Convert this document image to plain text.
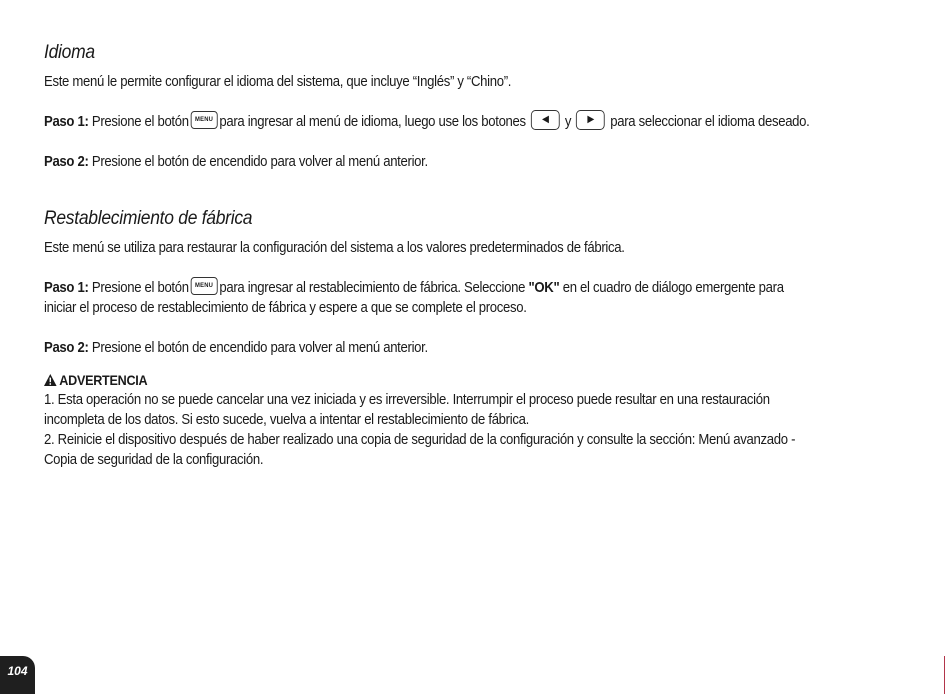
Idioma

Este menú le permite configurar el idioma del sistema, que incluye “Inglés” y “Chino”.

Paso 1: Presione el botón MENU para ingresar al menú de idioma, luego use los botones ◀ y ▶ para seleccionar el idioma deseado.

Paso 2: Presione el botón de encendido para volver al menú anterior.

Restablecimiento de fábrica

Este menú se utiliza para restaurar la configuración del sistema a los valores predeterminados de fábrica.

Paso 1: Presione el botón MENU para ingresar al restablecimiento de fábrica. Seleccione "OK" en el cuadro de diálogo emergente para

iniciar el proceso de restablecimiento de fábrica y espere a que se complete el proceso.

Paso 2: Presione el botón de encendido para volver al menú anterior.

ADVERTENCIA

1. Esta operación no se puede cancelar una vez iniciada y es irreversible. Interrumpir el proceso puede resultar en una restauración

incompleta de los datos. Si esto sucede, vuelva a intentar el restablecimiento de fábrica.

2. Reinicie el dispositivo después de haber realizado una copia de seguridad de la configuración y consulte la sección: Menú avanzado -

Copia de seguridad de la configuración.

104
